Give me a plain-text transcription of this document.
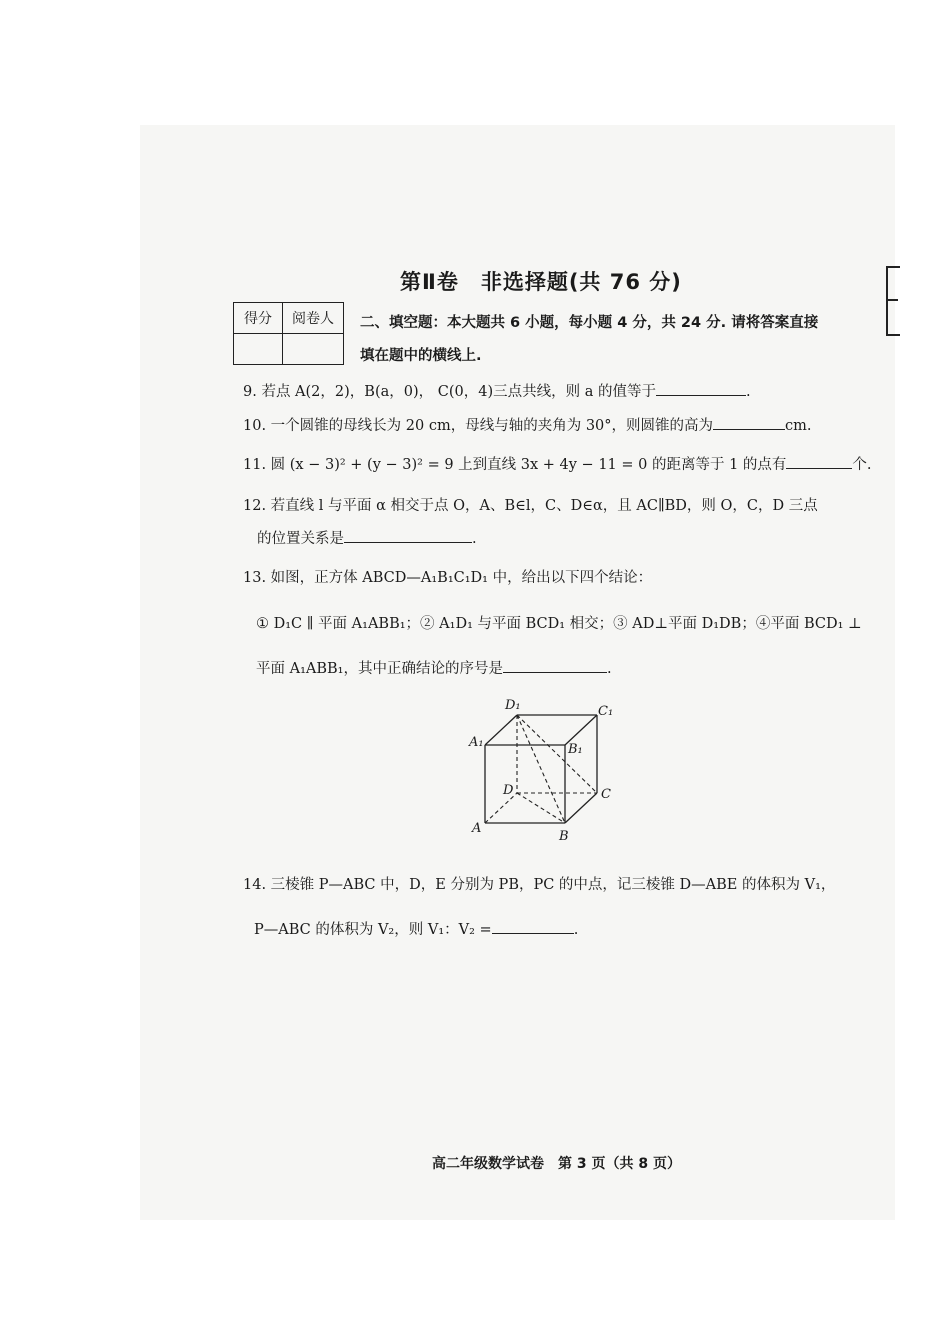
第Ⅱ卷　非选择题(共 76 分)
得分	阅卷人
	二、填空题：本大题共 6 小题，每小题 4 分，共 24 分. 请将答案直接
填在题中的横线上.
9. 若点 A(2，2)，B(a，0)， C(0，4)三点共线，则 a 的值等于	.
10. 一个圆锥的母线长为 20 cm，母线与轴的夹角为 30°，则圆锥的高为	cm.
11. 圆 (x − 3)² + (y − 3)² = 9 上到直线 3x + 4y − 11 = 0 的距离等于 1 的点有	个.
12. 若直线 l 与平面 α 相交于点 O，A、B∈l，C、D∈α，且 AC∥BD，则 O，C，D 三点
的位置关系是	.
13. 如图，正方体 ABCD—A₁B₁C₁D₁ 中，给出以下四个结论：
① D₁C ∥ 平面 A₁ABB₁；② A₁D₁ 与平面 BCD₁ 相交；③ AD⊥平面 D₁DB；④平面 BCD₁ ⊥
平面 A₁ABB₁，其中正确结论的序号是	.
D₁	C₁
A₁	B₁
D	C
A
B
14. 三棱锥 P—ABC 中，D，E 分别为 PB，PC 的中点，记三棱锥 D—ABE 的体积为 V₁，
P—ABC 的体积为 V₂，则 V₁：V₂ =	.
高二年级数学试卷　第 3 页（共 8 页）
